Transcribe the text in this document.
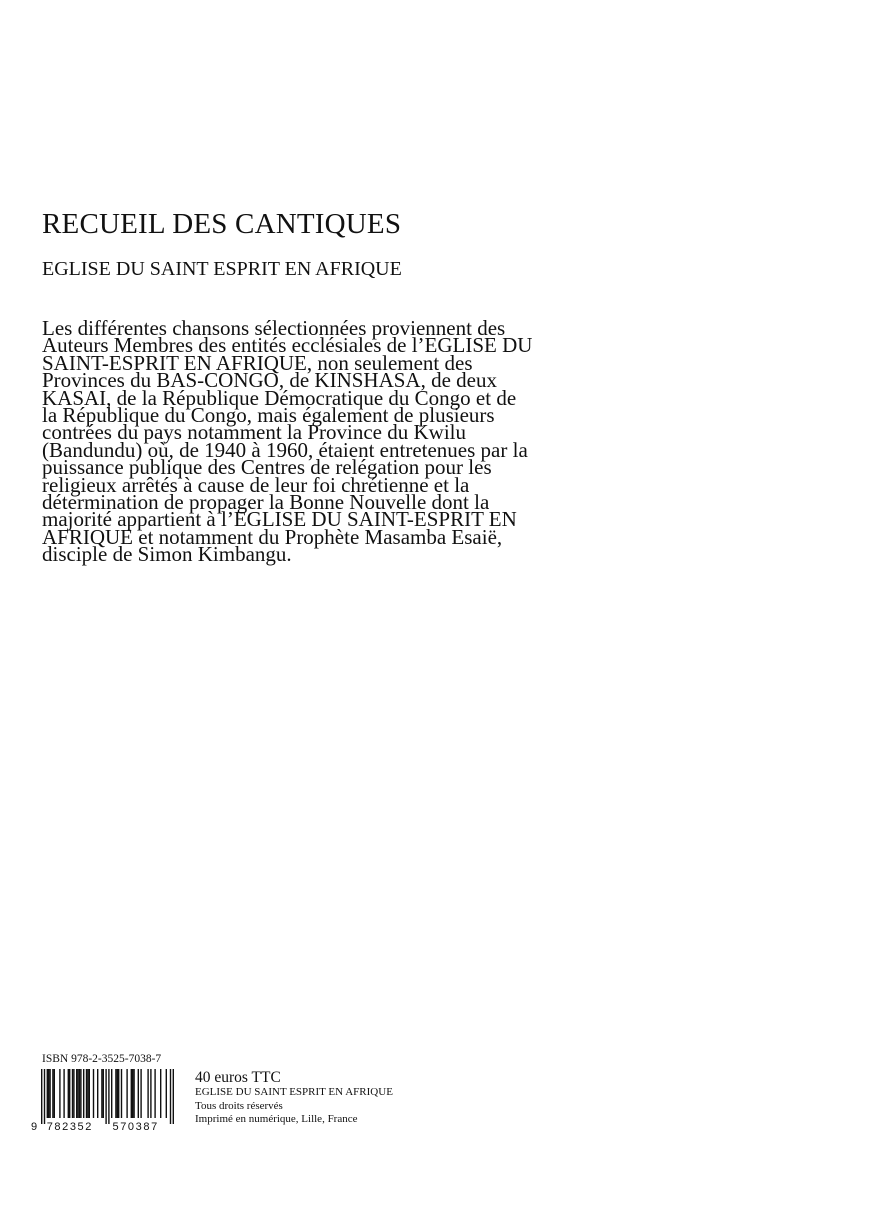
RECUEIL DES CANTIQUES
EGLISE DU SAINT ESPRIT EN AFRIQUE
Les différentes chansons sélectionnées proviennent des
Auteurs Membres des entités ecclésiales de l’EGLISE DU
SAINT-ESPRIT EN AFRIQUE, non seulement des
Provinces du BAS-CONGO, de KINSHASA, de deux
KASAI, de la République Démocratique du Congo et de
la République du Congo, mais également de plusieurs
contrées du pays notamment la Province du Kwilu
(Bandundu) où, de 1940 à 1960, étaient entretenues par la
puissance publique des Centres de relégation pour les
religieux arrêtés à cause de leur foi chrétienne et la
détermination de propager la Bonne Nouvelle dont la
majorité appartient à l’EGLISE DU SAINT-ESPRIT EN
AFRIQUE et notamment du Prophète Masamba Esaië,
disciple de Simon Kimbangu.
ISBN 978-2-3525-7038-7
9 782352 570387
40 euros TTC
EGLISE DU SAINT ESPRIT EN AFRIQUE
Tous droits réservés
Imprimé en numérique, Lille, France
